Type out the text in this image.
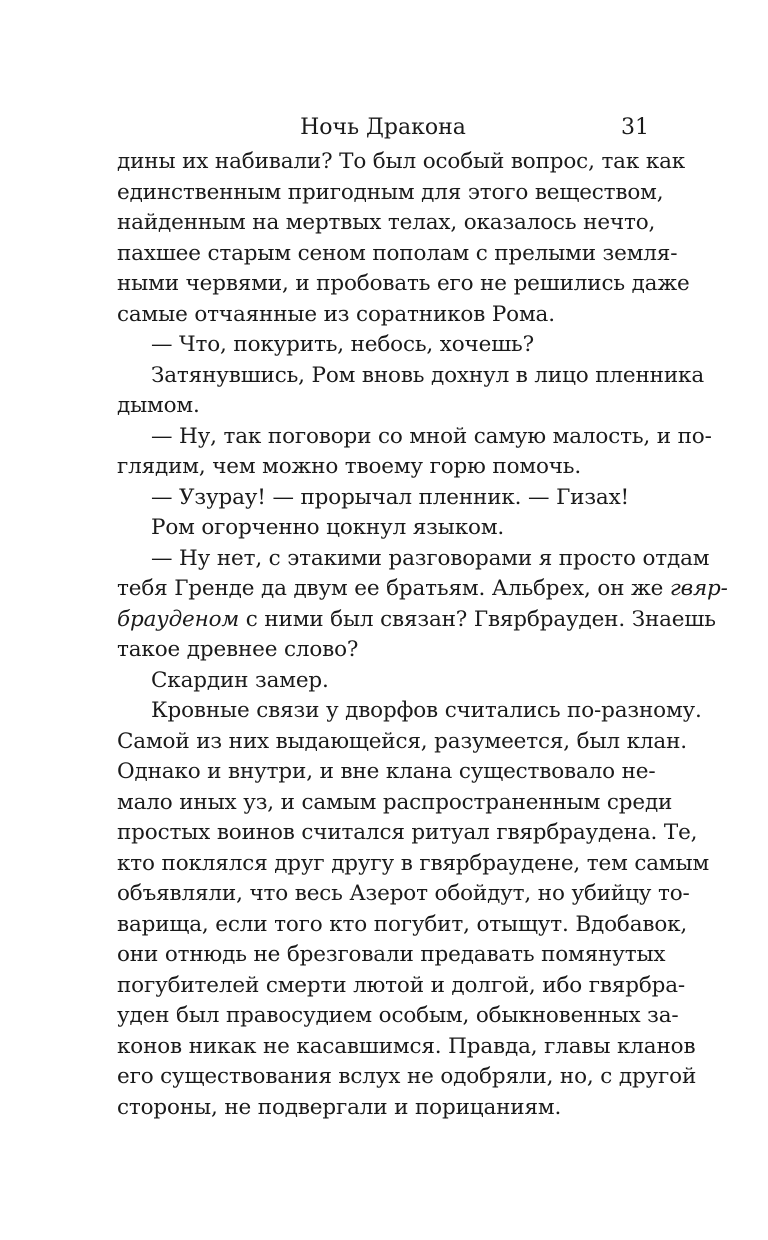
Ночь Дракона	31

дины их набивали? То был особый вопрос, так как
единственным пригодным для этого веществом,
найденным на мертвых телах, оказалось нечто,
пахшее старым сеном пополам с прелыми земля-
ными червями, и пробовать его не решились даже
самые отчаянные из соратников Рома.

— Что, покурить, небось, хочешь?

Затянувшись, Ром вновь дохнул в лицо пленника
дымом.

— Ну, так поговори со мной самую малость, и по-
глядим, чем можно твоему горю помочь.

— Узурау! — прорычал пленник. — Гизах!

Ром огорченно цокнул языком.

— Ну нет, с этакими разговорами я просто отдам
тебя Гренде да двум ее братьям. Альбрех, он же гвяр-
брауденом с ними был связан? Гвярбрауден. Знаешь
такое древнее слово?

Скардин замер.

Кровные связи у дворфов считались по-разному.
Самой из них выдающейся, разумеется, был клан.
Однако и внутри, и вне клана существовало не-
мало иных уз, и самым распространенным среди
простых воинов считался ритуал гвярбраудена. Те,
кто поклялся друг другу в гвярбраудене, тем самым
объявляли, что весь Азерот обойдут, но убийцу то-
варища, если того кто погубит, отыщут. Вдобавок,
они отнюдь не брезговали предавать помянутых
погубителей смерти лютой и долгой, ибо гвярбра-
уден был правосудием особым, обыкновенных за-
конов никак не касавшимся. Правда, главы кланов
его существования вслух не одобряли, но, с другой
стороны, не подвергали и порицаниям.
